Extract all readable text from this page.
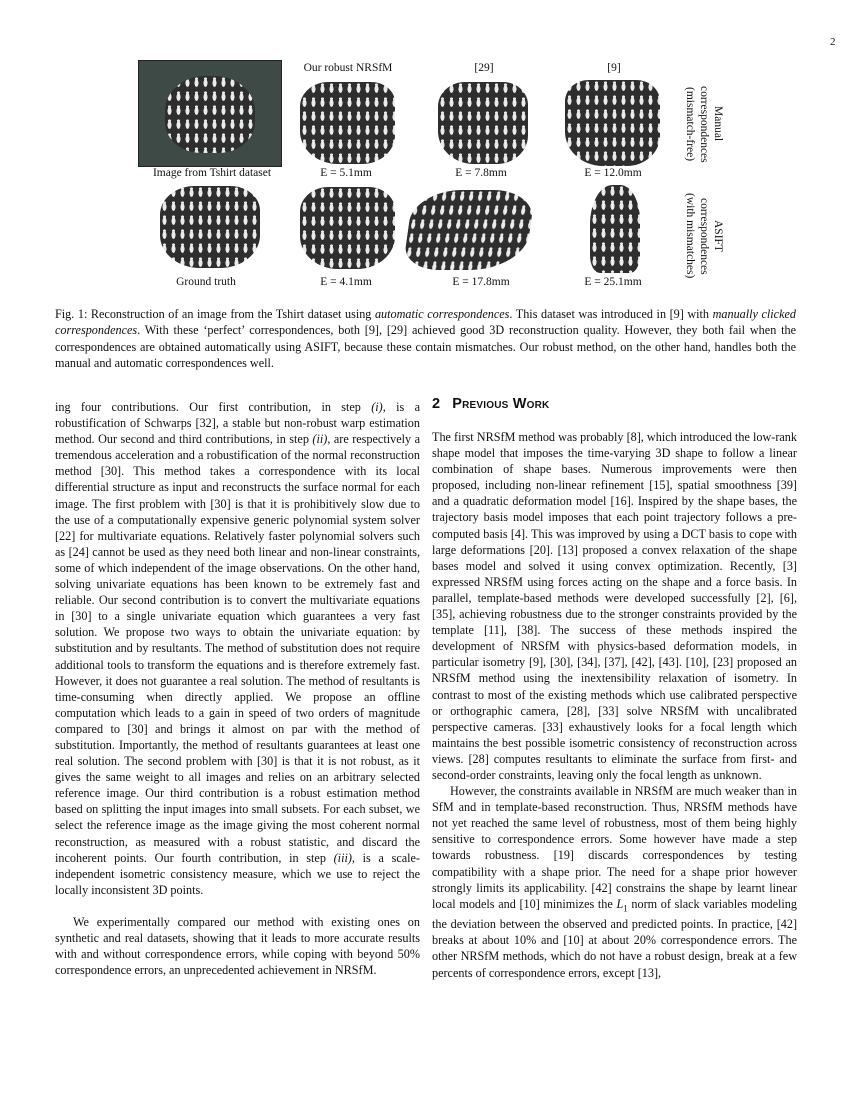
2
Our robust NRSfM	[29]	[9]
Image from Tshirt dataset	E = 5.1mm	E = 7.8mm	E = 12.0mm
Ground truth	E = 4.1mm	E = 17.8mm	E = 25.1mm
Manual correspondences
(mismatch-free)
ASIFT correspondences
(with mismatches)
Fig. 1: Reconstruction of an image from the Tshirt dataset using automatic correspondences. This dataset was introduced in [9] with manually clicked correspondences. With these ‘perfect’ correspondences, both [9], [29] achieved good 3D reconstruction quality. However, they both fail when the correspondences are obtained automatically using ASIFT, because these contain mismatches. Our robust method, on the other hand, handles both the manual and automatic correspondences well.

ing four contributions. Our first contribution, in step (i), is a robustification of Schwarps [32], a stable but non-robust warp estimation method. Our second and third contributions, in step (ii), are respectively a tremendous acceleration and a robustification of the normal reconstruction method [30]. This method takes a correspondence with its local differential structure as input and reconstructs the surface normal for each image. The first problem with [30] is that it is prohibitively slow due to the use of a computationally expensive generic polynomial system solver [22] for multivariate equations. Relatively faster polynomial solvers such as [24] cannot be used as they need both linear and non-linear constraints, some of which independent of the image observations. On the other hand, solving univariate equations has been known to be extremely fast and reliable. Our second contribution is to convert the multivariate equations in [30] to a single univariate equation which guarantees a very fast solution. We propose two ways to obtain the univariate equation: by substitution and by resultants. The method of substitution does not require additional tools to transform the equations and is therefore extremely fast. However, it does not guarantee a real solution. The method of resultants is time-consuming when directly applied. We propose an offline computation which leads to a gain in speed of two orders of magnitude compared to [30] and brings it almost on par with the method of substitution. Importantly, the method of resultants guarantees at least one real solution. The second problem with [30] is that it is not robust, as it gives the same weight to all images and relies on an arbitrary selected reference image. Our third contribution is a robust estimation method based on splitting the input images into small subsets. For each subset, we select the reference image as the image giving the most coherent normal reconstruction, as measured with a robust statistic, and discard the incoherent points. Our fourth contribution, in step (iii), is a scale-independent isometric consistency measure, which we use to reject the locally inconsistent 3D points.

We experimentally compared our method with existing ones on synthetic and real datasets, showing that it leads to more accurate results with and without correspondence errors, while coping with beyond 50% correspondence errors, an unprecedented achievement in NRSfM.

2 Previous Work

The first NRSfM method was probably [8], which introduced the low-rank shape model that imposes the time-varying 3D shape to follow a linear combination of shape bases. Numerous improvements were then proposed, including non-linear refinement [15], spatial smoothness [39] and a quadratic deformation model [16]. Inspired by the shape bases, the trajectory basis model imposes that each point trajectory follows a pre-computed basis [4]. This was improved by using a DCT basis to cope with large deformations [20]. [13] proposed a convex relaxation of the shape bases model and solved it using convex optimization. Recently, [3] expressed NRSfM using forces acting on the shape and a force basis. In parallel, template-based methods were developed successfully [2], [6], [35], achieving robustness due to the stronger constraints provided by the template [11], [38]. The success of these methods inspired the development of NRSfM with physics-based deformation models, in particular isometry [9], [30], [34], [37], [42], [43]. [10], [23] proposed an NRSfM method using the inextensibility relaxation of isometry. In contrast to most of the existing methods which use calibrated perspective or orthographic camera, [28], [33] solve NRSfM with uncalibrated perspective cameras. [33] exhaustively looks for a focal length which maintains the best possible isometric consistency of reconstruction across views. [28] computes resultants to eliminate the surface from first- and second-order constraints, leaving only the focal length as unknown.

However, the constraints available in NRSfM are much weaker than in SfM and in template-based reconstruction. Thus, NRSfM methods have not yet reached the same level of robustness, most of them being highly sensitive to correspondence errors. Some however have made a step towards robustness. [19] discards correspondences by testing compatibility with a shape prior. The need for a shape prior however strongly limits its applicability. [42] constrains the shape by learnt linear local models and [10] minimizes the $L_1$ norm of slack variables modeling the deviation between the observed and predicted points. In practice, [42] breaks at about 10% and [10] at about 20% correspondence errors. The other NRSfM methods, which do not have a robust design, break at a few percents of correspondence errors, except [13],
